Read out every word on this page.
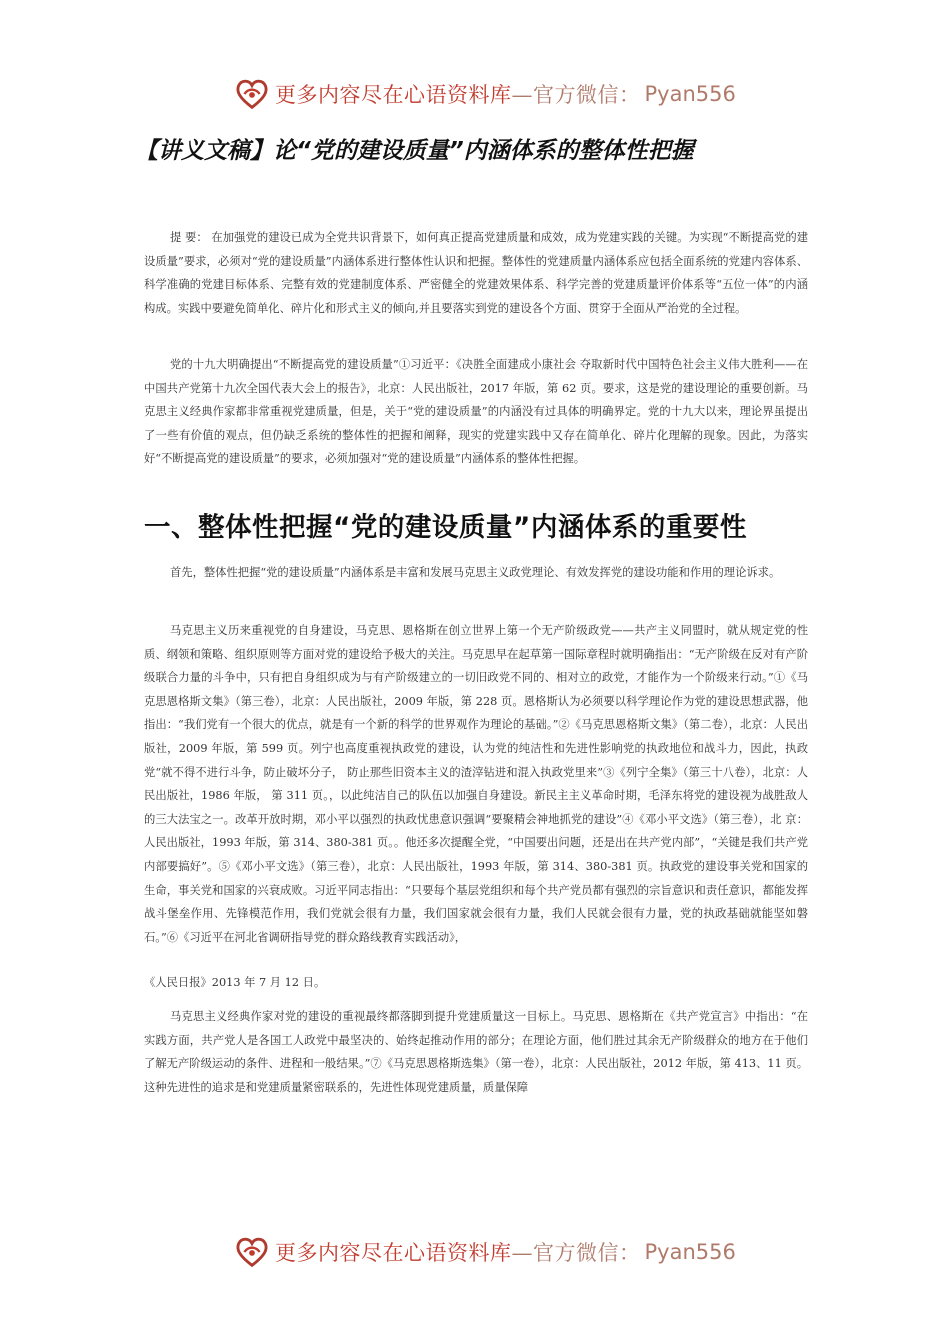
更多内容尽在心语资料库 —官方微信： Pyan556
【讲义文稿】论“党的建设质量”内涵体系的整体性把握

提 要： 在加强党的建设已成为全党共识背景下，如何真正提高党建质量和成效，成为党建实践的关键。为实现“不断提高党的建设质量”要求，必须对“党的建设质量”内涵体系进行整体性认识和把握。整体性的党建质量内涵体系应包括全面系统的党建内容体系、科学准确的党建目标体系、完整有效的党建制度体系、严密健全的党建效果体系、科学完善的党建质量评价体系等“五位一体”的内涵构成。实践中要避免简单化、碎片化和形式主义的倾向,并且要落实到党的建设各个方面、贯穿于全面从严治党的全过程。

党的十九大明确提出“不断提高党的建设质量”①习近平：《决胜全面建成小康社会 夺取新时代中国特色社会主义伟大胜利——在中国共产党第十九次全国代表大会上的报告》，北京：人民出版社，2017 年版，第 62 页。要求，这是党的建设理论的重要创新。马克思主义经典作家都非常重视党建质量，但是，关于“党的建设质量”的内涵没有过具体的明确界定。党的十九大以来，理论界虽提出了一些有价值的观点，但仍缺乏系统的整体性的把握和阐释，现实的党建实践中又存在简单化、碎片化理解的现象。因此，为落实好“不断提高党的建设质量”的要求，必须加强对“党的建设质量”内涵体系的整体性把握。

一、整体性把握“党的建设质量”内涵体系的重要性

首先，整体性把握“党的建设质量”内涵体系是丰富和发展马克思主义政党理论、有效发挥党的建设功能和作用的理论诉求。

马克思主义历来重视党的自身建设，马克思、恩格斯在创立世界上第一个无产阶级政党——共产主义同盟时，就从规定党的性质、纲领和策略、组织原则等方面对党的建设给予极大的关注。马克思早在起草第一国际章程时就明确指出：“无产阶级在反对有产阶级联合力量的斗争中，只有把自身组织成为与有产阶级建立的一切旧政党不同的、相对立的政党，才能作为一个阶级来行动。”①《马克思恩格斯文集》（第三卷），北京：人民出版社，2009 年版，第 228 页。恩格斯认为必须要以科学理论作为党的建设思想武器，他指出：“我们党有一个很大的优点，就是有一个新的科学的世界观作为理论的基础。”②《马克思恩格斯文集》（第二卷），北京：人民出版社，2009 年版，第 599 页。列宁也高度重视执政党的建设，认为党的纯洁性和先进性影响党的执政地位和战斗力，因此，执政党“就不得不进行斗争，防止破坏分子， 防止那些旧资本主义的渣滓钻进和混入执政党里来”③《列宁全集》（第三十八卷），北京：人民出版社，1986 年版， 第 311 页。，以此纯洁自己的队伍以加强自身建设。新民主主义革命时期，毛泽东将党的建设视为战胜敌人的三大法宝之一。改革开放时期，邓小平以强烈的执政忧患意识强调“要聚精会神地抓党的建设”④《邓小平文选》（第三卷），北 京：人民出版社，1993 年版，第 314、380-381 页。。他还多次提醒全党，“中国要出问题，还是出在共产党内部”，“关键是我们共产党内部要搞好”。⑤《邓小平文选》（第三卷），北京：人民出版社，1993 年版，第 314、380-381 页。执政党的建设事关党和国家的生命，事关党和国家的兴衰成败。习近平同志指出：“只要每个基层党组织和每个共产党员都有强烈的宗旨意识和责任意识，都能发挥战斗堡垒作用、先锋模范作用，我们党就会很有力量，我们国家就会很有力量，我们人民就会很有力量，党的执政基础就能坚如磐石。”⑥《习近平在河北省调研指导党的群众路线教育实践活动》，

《人民日报》2013 年 7 月 12 日。

马克思主义经典作家对党的建设的重视最终都落脚到提升党建质量这一目标上。马克思、恩格斯在《共产党宣言》中指出：“在实践方面，共产党人是各国工人政党中最坚决的、始终起推动作用的部分；在理论方面，他们胜过其余无产阶级群众的地方在于他们了解无产阶级运动的条件、进程和一般结果。”⑦《马克思恩格斯选集》（第一卷），北京：人民出版社，2012 年版，第 413、11 页。这种先进性的追求是和党建质量紧密联系的，先进性体现党建质量，质量保障

更多内容尽在心语资料库 —官方微信： Pyan556
